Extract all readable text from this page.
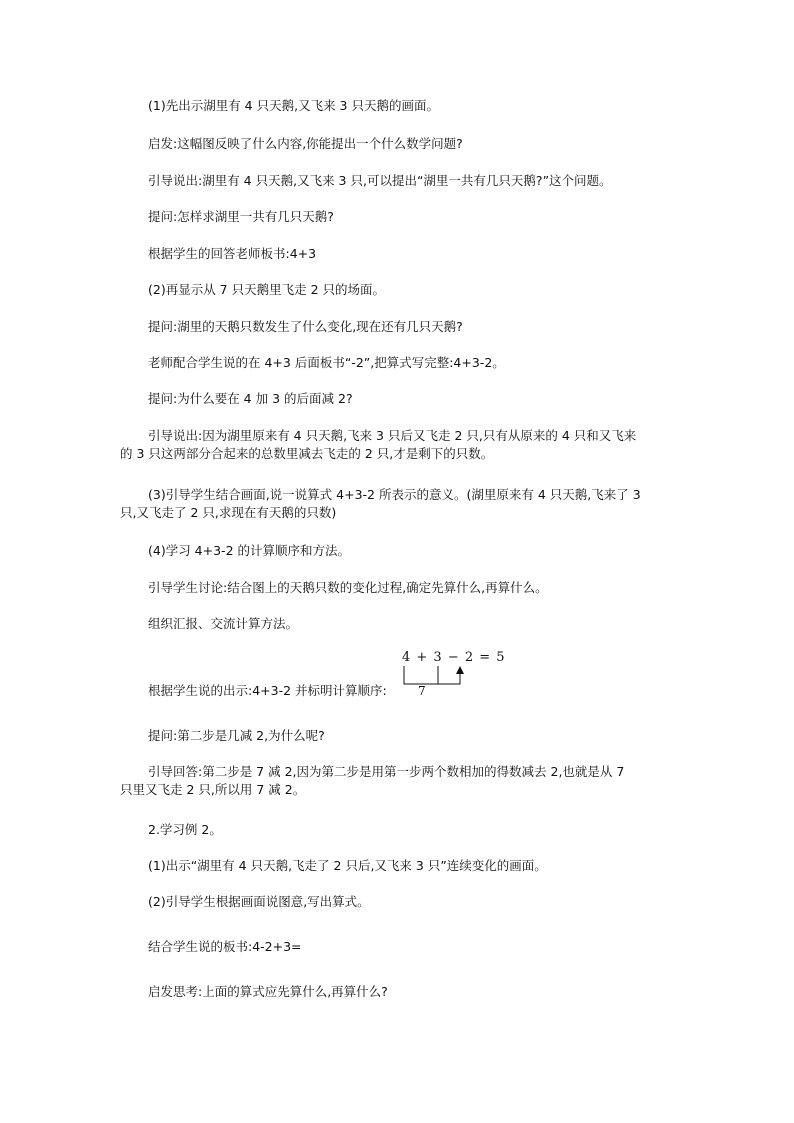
(1)先出示湖里有 4 只天鹅,又飞来 3 只天鹅的画面。
启发:这幅图反映了什么内容,你能提出一个什么数学问题?
引导说出:湖里有 4 只天鹅,又飞来 3 只,可以提出“湖里一共有几只天鹅?”这个问题。
提问:怎样求湖里一共有几只天鹅?
根据学生的回答老师板书:4+3
(2)再显示从 7 只天鹅里飞走 2 只的场面。
提问:湖里的天鹅只数发生了什么变化,现在还有几只天鹅?
老师配合学生说的在 4+3 后面板书“-2”,把算式写完整:4+3-2。
提问:为什么要在 4 加 3 的后面减 2?
引导说出:因为湖里原来有 4 只天鹅,飞来 3 只后又飞走 2 只,只有从原来的 4 只和又飞来
的 3 只这两部分合起来的总数里减去飞走的 2 只,才是剩下的只数。
(3)引导学生结合画面,说一说算式 4+3-2 所表示的意义。(湖里原来有 4 只天鹅,飞来了 3
只,又飞走了 2 只,求现在有天鹅的只数)
(4)学习 4+3-2 的计算顺序和方法。
引导学生讨论:结合图上的天鹅只数的变化过程,确定先算什么,再算什么。
组织汇报、交流计算方法。
4 + 3 − 2 = 5
7
根据学生说的出示:4+3-2 并标明计算顺序:
提问:第二步是几减 2,为什么呢?
引导回答:第二步是 7 减 2,因为第二步是用第一步两个数相加的得数减去 2,也就是从 7
只里又飞走 2 只,所以用 7 减 2。
2.学习例 2。
(1)出示“湖里有 4 只天鹅,飞走了 2 只后,又飞来 3 只”连续变化的画面。
(2)引导学生根据画面说图意,写出算式。
结合学生说的板书:4-2+3=
启发思考:上面的算式应先算什么,再算什么?
